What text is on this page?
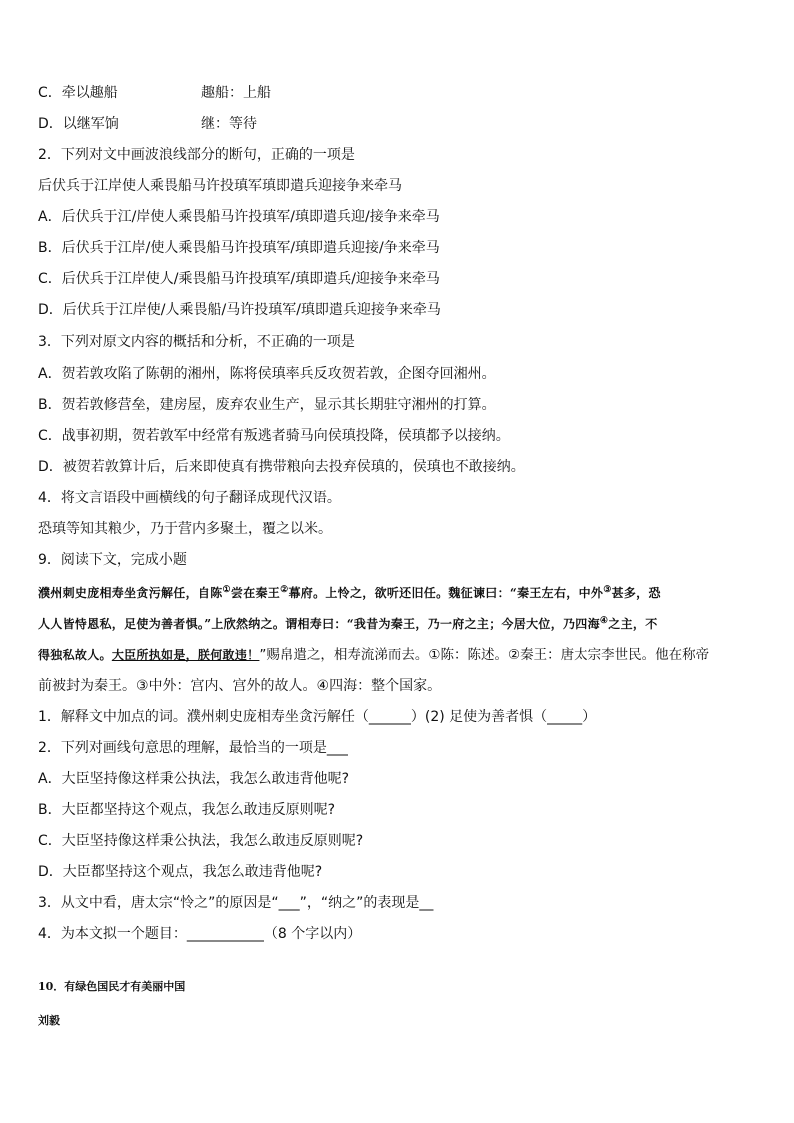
C．牵以趣船	趣船：上船
D．以继军饷	继：等待
2．下列对文中画波浪线部分的断句，正确的一项是
后伏兵于江岸使人乘畏船马许投瑱军瑱即遣兵迎接争来牵马
A．后伏兵于江/岸使人乘畏船马许投瑱军/瑱即遣兵迎/接争来牵马
B．后伏兵于江岸/使人乘畏船马许投瑱军/瑱即遣兵迎接/争来牵马
C．后伏兵于江岸使人/乘畏船马许投瑱军/瑱即遣兵/迎接争来牵马
D．后伏兵于江岸使/人乘畏船/马许投瑱军/瑱即遣兵迎接争来牵马
3．下列对原文内容的概括和分析，不正确的一项是
A．贺若敦攻陷了陈朝的湘州，陈将侯瑱率兵反攻贺若敦，企图夺回湘州。
B．贺若敦修营垒，建房屋，废弃农业生产，显示其长期驻守湘州的打算。
C．战事初期，贺若敦军中经常有叛逃者骑马向侯瑱投降，侯瑱都予以接纳。
D．被贺若敦算计后，后来即使真有携带粮向去投弃侯瑱的，侯瑱也不敢接纳。
4．将文言语段中画横线的句子翻译成现代汉语。
恐瑱等知其粮少，乃于营内多聚土，覆之以米。
9．阅读下文，完成小题
濮州刺史庞相寿坐贪污解任，自陈①尝在秦王②幕府。上怜之，欲听还旧任。魏征谏曰：“秦王左右，中外③甚多，恐
人人皆恃恩私，足使为善者惧。”上欣然纳之。谓相寿曰：“我昔为秦王，乃一府之主；今居大位，乃四海④之主，不
得独私故人。大臣所执如是，朕何敢违！”赐帛遣之，相寿流涕而去。①陈：陈述。②秦王：唐太宗李世民。他在称帝
前被封为秦王。③中外：宫内、宫外的故人。④四海：整个国家。
1．解释文中加点的词。濮州刺史庞相寿坐贪污解任（______）(2) 足使为善者惧（_____）
2．下列对画线句意思的理解，最恰当的一项是___
A．大臣坚持像这样秉公执法，我怎么敢违背他呢?
B．大臣都坚持这个观点，我怎么敢违反原则呢?
C．大臣坚持像这样秉公执法，我怎么敢违反原则呢?
D．大臣都坚持这个观点，我怎么敢违背他呢?
3．从文中看，唐太宗“怜之”的原因是“___”，“纳之”的表现是__
4．为本文拟一个题目：___________（8 个字以内）
10．有绿色国民才有美丽中国
刘毅
